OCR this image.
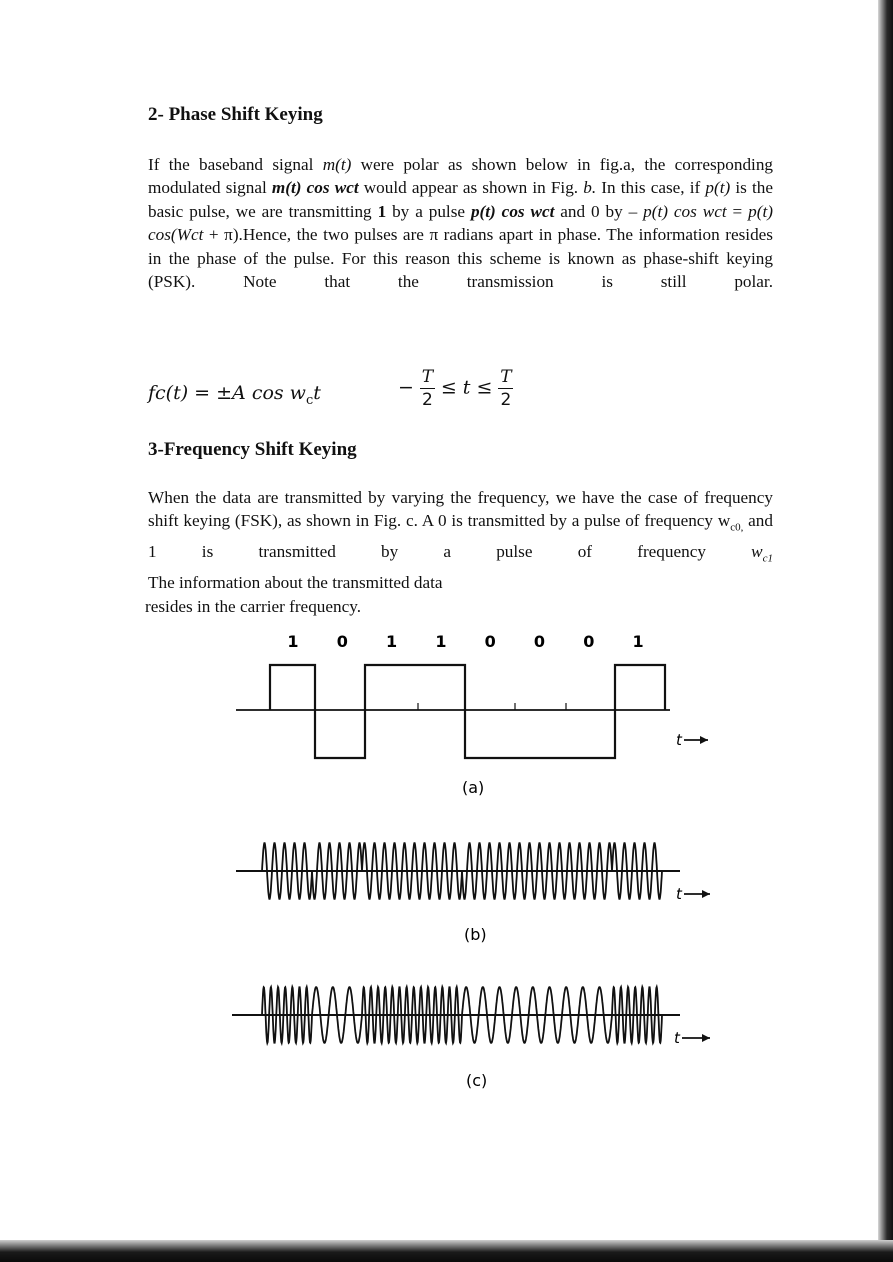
2- Phase Shift Keying
If the baseband signal m(t) were polar as shown below in fig.a, the corresponding modulated signal m(t) cos wct would appear as shown in Fig. b. In this case, if p(t) is the basic pulse, we are transmitting 1 by a pulse p(t) cos wct and 0 by – p(t) cos wct = p(t) cos(Wct + π).Hence, the two pulses are π radians apart in phase. The information resides in the phase of the pulse. For this reason this scheme is known as phase-shift keying (PSK). Note that the transmission is still polar.
fc(t) = ±A $\cos w_ct$	− $\frac{T}{2} \le t \le \frac{T}{2}$
3-Frequency Shift Keying
When the data are transmitted by varying the frequency, we have the case of frequency shift keying (FSK), as shown in Fig. c. A 0 is transmitted by a pulse of frequency $w_{c0,}$ and 1 is transmitted by a pulse of frequency $w_{c1}$
The information about the transmitted data
resides in the carrier frequency.
1 0 1 1 0 0 0 1
t
(a)
t
(b)
t
(c)
